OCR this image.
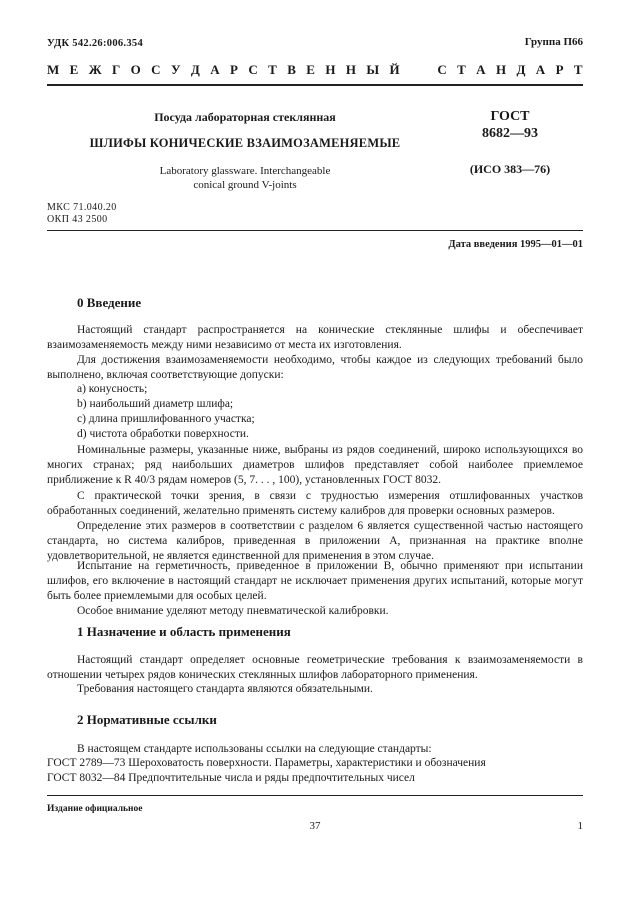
УДК 542.26:006.354	Группа П66
М Е Ж Г О С У Д А Р С Т В Е Н Н Ы Й

	С Т А Н Д А Р Т
Посуда лабораторная стеклянная
ШЛИФЫ КОНИЧЕСКИЕ ВЗАИМОЗАМЕНЯЕМЫЕ
Laboratory glassware. Interchangeable
conical ground V-joints
ГОСТ
8682—93
(ИСО 383—76)
МКС 71.040.20
ОКП 43 2500
Дата введения 1995—01—01
0 Введение
Настоящий стандарт распространяется на конические стеклянные шлифы и обеспечивает взаимозаменяемость между ними независимо от места их изготовления.
Для достижения взаимозаменяемости необходимо, чтобы каждое из следующих требований было выполнено, включая соответствующие допуски:
a) конусность;
b) наибольший диаметр шлифа;
c) длина пришлифованного участка;
d) чистота обработки поверхности.
Номинальные размеры, указанные ниже, выбраны из рядов соединений, широко использующихся во многих странах; ряд наибольших диаметров шлифов представляет собой наиболее приемлемое приближение к R 40/3 рядам номеров (5, 7. . . , 100), установленных ГОСТ 8032.
С практической точки зрения, в связи с трудностью измерения отшлифованных участков обработанных соединений, желательно применять систему калибров для проверки основных размеров.
Определение этих размеров в соответствии с разделом 6 является существенной частью настоящего стандарта, но система калибров, приведенная в приложении А, признанная на практике вполне удовлетворительной, не является единственной для применения в этом случае.
Испытание на герметичность, приведенное в приложении В, обычно применяют при испытании шлифов, его включение в настоящий стандарт не исключает применения других испытаний, которые могут быть более приемлемыми для особых целей.
Особое внимание уделяют методу пневматической калибровки.
1 Назначение и область применения
Настоящий стандарт определяет основные геометрические требования к взаимозаменяемости в отношении четырех рядов конических стеклянных шлифов лабораторного применения.
Требования настоящего стандарта являются обязательными.
2 Нормативные ссылки
В настоящем стандарте использованы ссылки на следующие стандарты:
ГОСТ 2789—73 Шероховатость поверхности. Параметры, характеристики и обозначения
ГОСТ 8032—84 Предпочтительные числа и ряды предпочтительных чисел
Издание официальное
37	1
